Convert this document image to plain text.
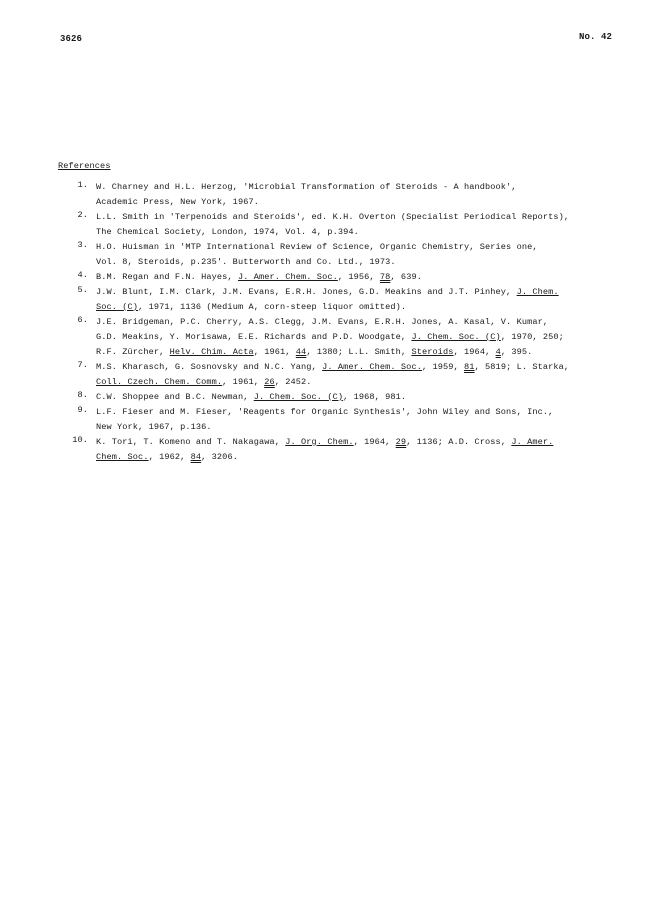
3626	No. 42
References
1. W. Charney and H.L. Herzog, 'Microbial Transformation of Steroids - A handbook',
Academic Press, New York, 1967.
2. L.L. Smith in 'Terpenoids and Steroids', ed. K.H. Overton (Specialist Periodical Reports),
The Chemical Society, London, 1974, Vol. 4, p.394.
3. H.O. Huisman in 'MTP International Review of Science, Organic Chemistry, Series one,
Vol. 8, Steroids, p.235'. Butterworth and Co. Ltd., 1973.
4. B.M. Regan and F.N. Hayes, J. Amer. Chem. Soc., 1956, 78, 639.
5. J.W. Blunt, I.M. Clark, J.M. Evans, E.R.H. Jones, G.D. Meakins and J.T. Pinhey, J. Chem.
Soc. (C), 1971, 1136 (Medium A, corn-steep liquor omitted).
6. J.E. Bridgeman, P.C. Cherry, A.S. Clegg, J.M. Evans, E.R.H. Jones, A. Kasal, V. Kumar,
G.D. Meakins, Y. Morisawa, E.E. Richards and P.D. Woodgate, J. Chem. Soc. (C), 1970, 250;
R.F. Zürcher, Helv. Chim. Acta, 1961, 44, 1380; L.L. Smith, Steroids, 1964, 4, 395.
7. M.S. Kharasch, G. Sosnovsky and N.C. Yang, J. Amer. Chem. Soc., 1959, 81, 5819; L. Starka,
Coll. Czech. Chem. Comm., 1961, 26, 2452.
8. C.W. Shoppee and B.C. Newman, J. Chem. Soc. (C), 1968, 981.
9. L.F. Fieser and M. Fieser, 'Reagents for Organic Synthesis', John Wiley and Sons, Inc.,
New York, 1967, p.136.
10. K. Tori, T. Komeno and T. Nakagawa, J. Org. Chem., 1964, 29, 1136; A.D. Cross, J. Amer.
Chem. Soc., 1962, 84, 3206.
